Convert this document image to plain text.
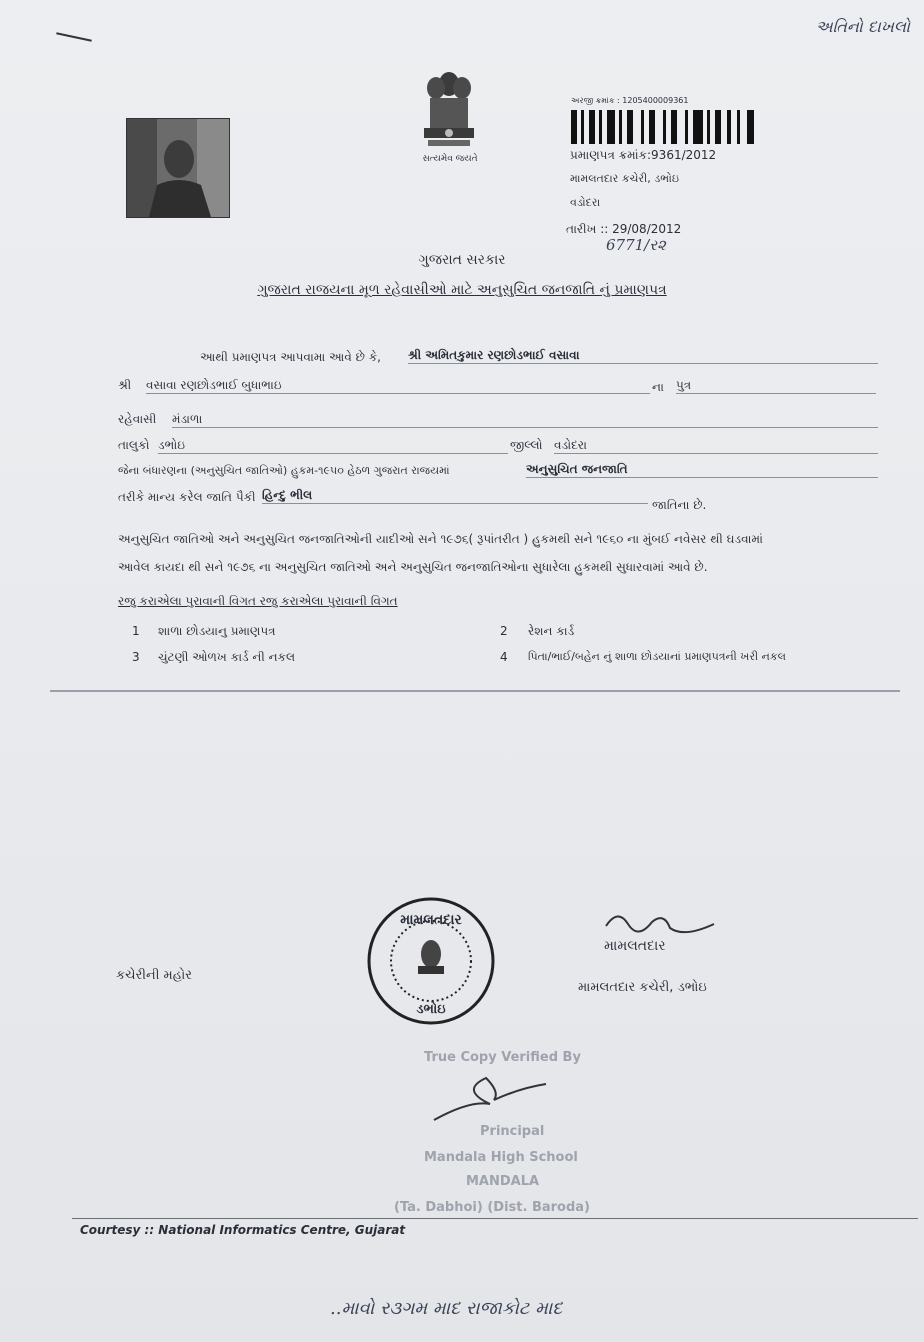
અતિનો દાખલો
સત્યમેવ જયતે
અરજી ક્રમાંક : 1205400009361
પ્રમાણપત્ર ક્રમાંક:9361/2012
મામલતદાર કચેરી, ડભોઇ
વડોદરા
તારીખ :: 29/08/2012
6771/ર૨
ગુજરાત સરકાર
ગુજરાત રાજયના મૂળ રહેવાસીઓ માટે અનુસુચિત જનજાતિ નું પ્રમાણપત્ર
આથી પ્રમાણપત્ર આપવામા આવે છે કે, શ્રી અમિતકુમાર રણછોડભાઈ વસાવા
શ્રી વસાવા રણછોડભાઈ બુધાભાઇ	ના પુત્ર
રહેવાસી મંડાળા
તાલુકો ડભોઇ	જીલ્લો વડોદરા
જેના બંધારણના (અનુસુચિત જાતિઓ) હુકમ-૧૯૫૦ હેઠળ ગુજરાત રાજયમાં	અનુસુચિત જનજાતિ
તરીકે માન્ય કરેલ જાતિ પૈકી હિન્દુ ભીલ
જાતિના છે.
અનુસુચિત જાતિઓ અને અનુસુચિત જનજાતિઓની યાદીઓ સને ૧૯૭૬( રૂપાંતરીત ) હુકમથી સને ૧૯૬૦ ના મુંબઈ નવેસર થી ઘડવામાં
આવેલ કાયદા થી સને ૧૯૭૬ ના અનુસુચિત જાતિઓ અને અનુસુચિત જનજાતિઓના સુધારેલા હુકમથી સુધારવામાં આવે છે.
રજુ કરાએલા પુરાવાની વિગત રજુ કરાએલા પુરાવાની વિગત
1 શાળા છોડયાનુ પ્રમાણપત્ર	2 રેશન કાર્ડ
3 ચુંટણી ઓળખ કાર્ડ ની નકલ	4 પિતા/ભાઈ/બહેન નું શાળા છોડયાનાં પ્રમાણપત્રની ખરી નકલ
કચેરીની મહોર
મામલતદાર
ડભોઇ
મામલતદાર
મામલતદાર કચેરી, ડભોઇ
True Copy Verified By
Principal
Mandala High School
MANDALA
(Ta. Dabhoi) (Dist. Baroda)
Courtesy :: National Informatics Centre, Gujarat
..માવો ર૩ગમ માદ રાજાકોટ માદ
